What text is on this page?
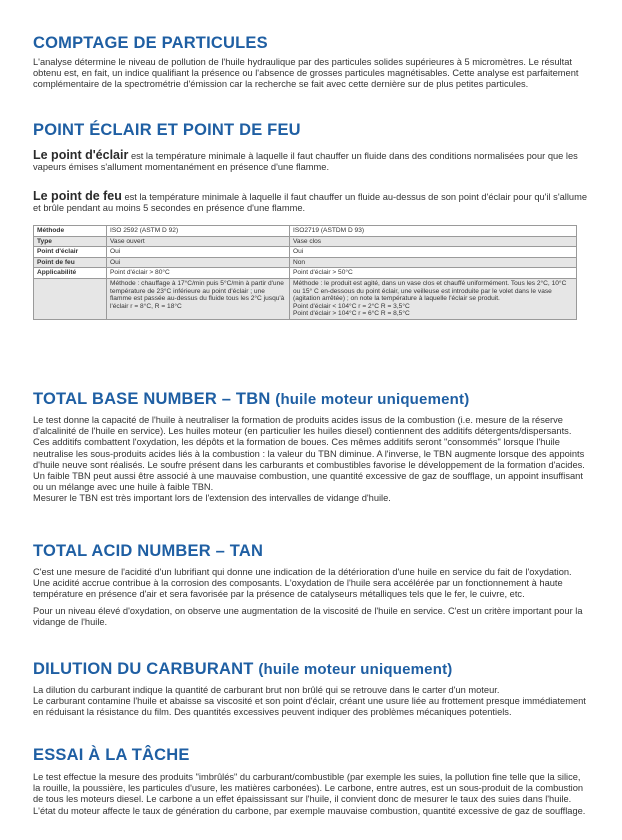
COMPTAGE DE PARTICULES

L'analyse détermine le niveau de pollution de l'huile hydraulique par des particules solides supérieures à 5 micromètres. Le résultat obtenu est, en fait, un indice qualifiant la présence ou l'absence de grosses particules magnétisables. Cette analyse est parfaitement complémentaire de la spectrométrie d'émission car la recherche se fait avec cette dernière sur de plus petites particules.

POINT ÉCLAIR ET POINT DE FEU

Le point d'éclair est la température minimale à laquelle il faut chauffer un fluide dans des conditions normalisées pour que les vapeurs émises s'allument momentanément en présence d'une flamme.

Le point de feu est la température minimale à laquelle il faut chauffer un fluide au-dessus de son point d'éclair pour qu'il s'allume et brûle pendant au moins 5 secondes en présence d'une flamme.

Méthode	ISO 2592 (ASTM D 92)	ISO2719 (ASTDM D 93)
Type	Vase ouvert	Vase clos
Point d'éclair	Oui	Oui
Point de feu	Oui	Non
Applicabilité	Point d'éclair > 80°C	Point d'éclair > 50°C
	Méthode : chauffage à 17°C/min puis 5°C/min à partir d'une température de 23°C inférieure au point d'éclair ; une flamme est passée au-dessus du fluide tous les 2°C jusqu'à l'éclair r = 8°C, R = 18°C	Méthode : le produit est agité, dans un vase clos et chauffé uniformément. Tous les 2°C, 10°C ou 15° C en-dessous du point éclair, une veilleuse est introduite par le volet dans le vase (agitation arrêtée) ; on note la température à laquelle l'éclair se produit.
Point d'éclair < 104°C r = 2°C R = 3,5°C
Point d'éclair > 104°C r = 6°C R = 8,5°C
TOTAL BASE NUMBER – TBN (huile moteur uniquement)

Le test donne la capacité de l'huile à neutraliser la formation de produits acides issus de la combustion (i.e. mesure de la réserve d'alcalinité de l'huile en service). Les huiles moteur (en particulier les huiles diesel) contiennent des additifs détergents/dispersants. Ces additifs combattent l'oxydation, les dépôts et la formation de boues. Ces mêmes additifs seront "consommés" lorsque l'huile neutralise les sous-produits acides liés à la combustion : la valeur du TBN diminue. A l'inverse, le TBN augmente lorsque des appoints d'huile neuve sont réalisés. Le soufre présent dans les carburants et combustibles favorise le développement de la formation d'acides.

Un faible TBN peut aussi être associé à une mauvaise combustion, une quantité excessive de gaz de soufflage, un appoint insuffisant ou un mélange avec une huile à faible TBN.

Mesurer le TBN est très important lors de l'extension des intervalles de vidange d'huile.

TOTAL ACID NUMBER – TAN

C'est une mesure de l'acidité d'un lubrifiant qui donne une indication de la détérioration d'une huile en service du fait de l'oxydation. Une acidité accrue contribue à la corrosion des composants. L'oxydation de l'huile sera accélérée par un fonctionnement à haute température en présence d'air et sera favorisée par la présence de catalyseurs métalliques tels que le fer, le cuivre, etc.

Pour un niveau élevé d'oxydation, on observe une augmentation de la viscosité de l'huile en service. C'est un critère important pour la vidange de l'huile.

DILUTION DU CARBURANT (huile moteur uniquement)

La dilution du carburant indique la quantité de carburant brut non brûlé qui se retrouve dans le carter d'un moteur.

Le carburant contamine l'huile et abaisse sa viscosité et son point d'éclair, créant une usure liée au frottement presque immédiatement en réduisant la résistance du film. Des quantités excessives peuvent indiquer des problèmes mécaniques potentiels.

ESSAI À LA TÂCHE

Le test effectue la mesure des produits "imbrûlés" du carburant/combustible (par exemple les suies, la pollution fine telle que la silice, la rouille, la poussière, les particules d'usure, les matières carbonées). Le carbone, entre autres, est un sous-produit de la combustion de tous les moteurs diesel. Le carbone a un effet épaississant sur l'huile, il convient donc de mesurer le taux des suies dans l'huile. L'état du moteur affecte le taux de génération du carbone, par exemple mauvaise combustion, quantité excessive de gaz de soufflage.
